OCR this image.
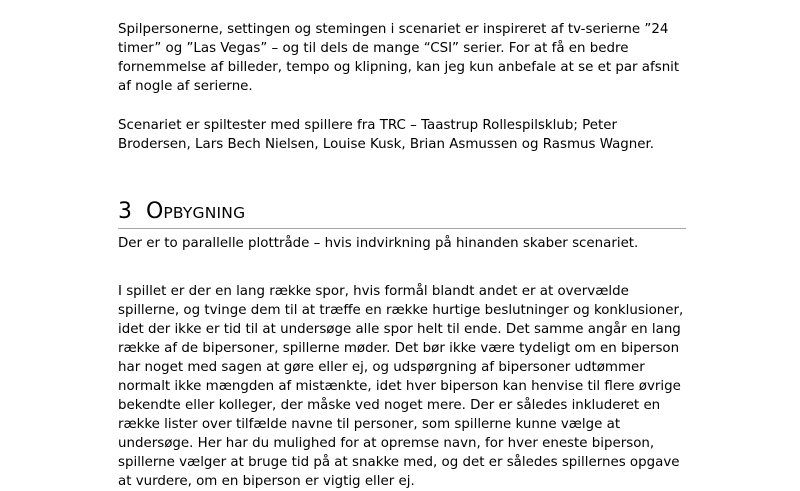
Spilpersonerne, settingen og stemingen i scenariet er inspireret af tv-serierne ”24
timer” og ”Las Vegas” – og til dels de mange “CSI” serier. For at få en bedre
fornemmelse af billeder, tempo og klipning, kan jeg kun anbefale at se et par afsnit
af nogle af serierne.
Scenariet er spiltester med spillere fra TRC – Taastrup Rollespilsklub; Peter
Brodersen, Lars Bech Nielsen, Louise Kusk, Brian Asmussen og Rasmus Wagner.
3 OPBYGNING
Der er to parallelle plottråde – hvis indvirkning på hinanden skaber scenariet.
I spillet er der en lang række spor, hvis formål blandt andet er at overvælde
spillerne, og tvinge dem til at træffe en række hurtige beslutninger og konklusioner,
idet der ikke er tid til at undersøge alle spor helt til ende. Det samme angår en lang
række af de bipersoner, spillerne møder. Det bør ikke være tydeligt om en biperson
har noget med sagen at gøre eller ej, og udspørgning af bipersoner udtømmer
normalt ikke mængden af mistænkte, idet hver biperson kan henvise til flere øvrige
bekendte eller kolleger, der måske ved noget mere. Der er således inkluderet en
række lister over tilfælde navne til personer, som spillerne kunne vælge at
undersøge. Her har du mulighed for at opremse navn, for hver eneste biperson,
spillerne vælger at bruge tid på at snakke med, og det er således spillernes opgave
at vurdere, om en biperson er vigtig eller ej.
